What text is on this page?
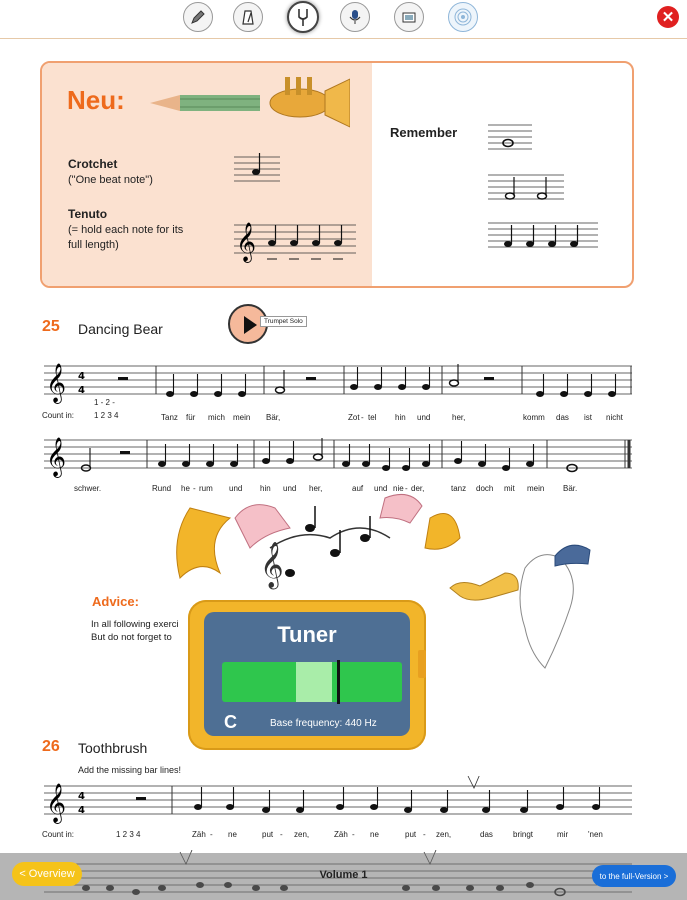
✕
Neu:
Crotchet
("One beat note")
Tenuto
(= hold each note for its
full length)	𝄞
Remember
25 Dancing Bear	Trumpet Solo
𝄞 4
4
1 - 2 -
Count in: 1 2 3 4	Tanz für mich mein Bär,	Zot - tel hin und	her,	komm das ist nicht
𝄞
schwer.	Rund he - rum und hin und her,	auf und nie - der,	tanz doch mit mein Bär.
𝄞
Advice:
In all following exerci
But do not forget to	Tuner
C	Base frequency: 440 Hz
26 Toothbrush
Add the missing bar lines!
𝄞 4
4
Count in:	1 2 3 4	Zäh - ne	put - zen,	Zäh - ne	put - zen,	das	bringt	mir 'nen
< Overview	Volume 1	to the full-Version >
